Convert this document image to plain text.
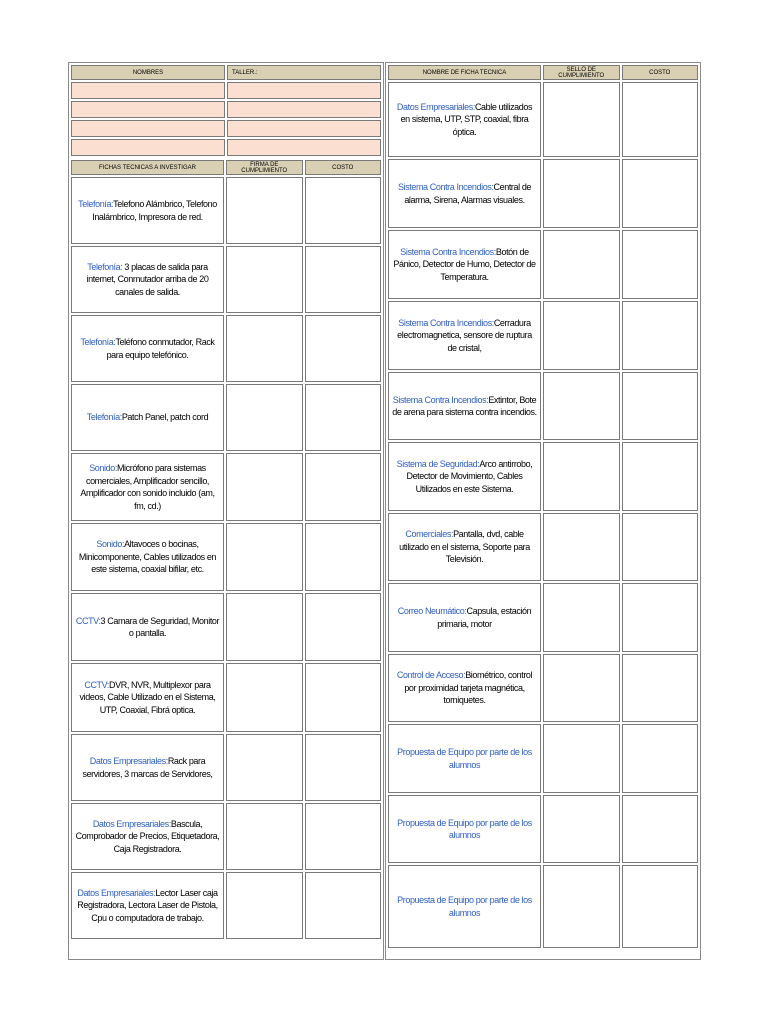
NOMBRES	TALLER.:

FICHAS TECNICAS A INVESTIGAR	FIRMA DE CUMPLIMIENTO	COSTO
Telefonía:Telefono Alámbrico, Telefono Inalámbrico, Impresora de red.		
Telefonía: 3 placas de salida para internet, Conmutador arriba de 20 canales de salida.		
Telefonía:Teléfono conmutador, Rack para equipo telefónico.		
Telefonía:Patch Panel, patch cord		
Sonido:Micrófono para sistemas comerciales, Amplificador sencillo, Amplificador con sonido incluido (am, fm, cd.)		
Sonido:Altavoces o bocinas, Minicomponente, Cables utilizados en este sistema, coaxial bifilar, etc.		
CCTV:3 Camara de Seguridad, Monitor o pantalla.		
CCTV:DVR, NVR, Multiplexor para videos, Cable Utilizado en el Sistema, UTP, Coaxial, Fibrá optica.		
Datos Empresariales:Rack para servidores, 3 marcas de Servidores,		
Datos Empresariales:Bascula, Comprobador de Precios, Etiquetadora, Caja Registradora.		
Datos Empresariales:Lector Laser caja Registradora, Lectora Laser de Pistola, Cpu o computadora de trabajo.		
NOMBRE DE FICHA TECNICA	SELLO DE CUMPLIMIENTO	COSTO
Datos Empresariales:Cable utilizados en sistema, UTP, STP, coaxial, fibra óptica.		
Sistema Contra Incendios:Central de alarma, Sirena, Alarmas visuales.		
Sistema Contra Incendios:Botón de Pánico, Detector de Humo, Detector de Temperatura.		
Sistema Contra Incendios:Cerradura electromagnetica, sensore de ruptura de cristal,		
Sistema Contra Incendios:Extintor, Bote de arena para sistema contra incendios.		
Sistema de Seguridad:Arco antirrobo, Detector de Movimiento, Cables Utilizados en este Sistema.		
Comerciales:Pantalla, dvd, cable utilizado en el sistema, Soporte para Televisión.		
Correo Neumático:Capsula, estación primaria, motor		
Control de Acceso:Biométrico, control por proximidad tarjeta magnética, torniquetes.		
Propuesta de Equipo por parte de los alumnos		
Propuesta de Equipo por parte de los alumnos		
Propuesta de Equipo por parte de los alumnos		
